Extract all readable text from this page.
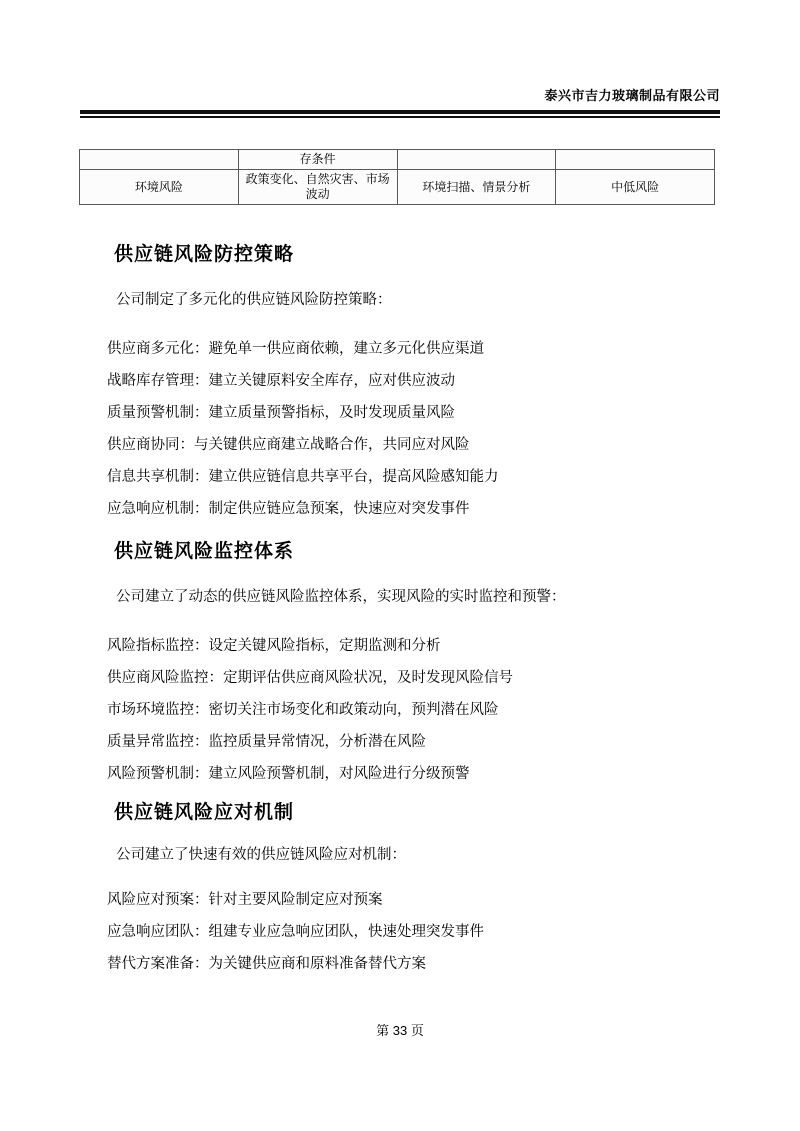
泰兴市吉力玻璃制品有限公司
	存条件		
环境风险	政策变化、自然灾害、市场波动	环境扫描、情景分析	中低风险
供应链风险防控策略
公司制定了多元化的供应链风险防控策略：
供应商多元化：避免单一供应商依赖，建立多元化供应渠道
战略库存管理：建立关键原料安全库存，应对供应波动
质量预警机制：建立质量预警指标，及时发现质量风险
供应商协同：与关键供应商建立战略合作，共同应对风险
信息共享机制：建立供应链信息共享平台，提高风险感知能力
应急响应机制：制定供应链应急预案，快速应对突发事件
供应链风险监控体系
公司建立了动态的供应链风险监控体系，实现风险的实时监控和预警：
风险指标监控：设定关键风险指标，定期监测和分析
供应商风险监控：定期评估供应商风险状况，及时发现风险信号
市场环境监控：密切关注市场变化和政策动向，预判潜在风险
质量异常监控：监控质量异常情况，分析潜在风险
风险预警机制：建立风险预警机制，对风险进行分级预警
供应链风险应对机制
公司建立了快速有效的供应链风险应对机制：
风险应对预案：针对主要风险制定应对预案
应急响应团队：组建专业应急响应团队，快速处理突发事件
替代方案准备：为关键供应商和原料准备替代方案
第 33 页
